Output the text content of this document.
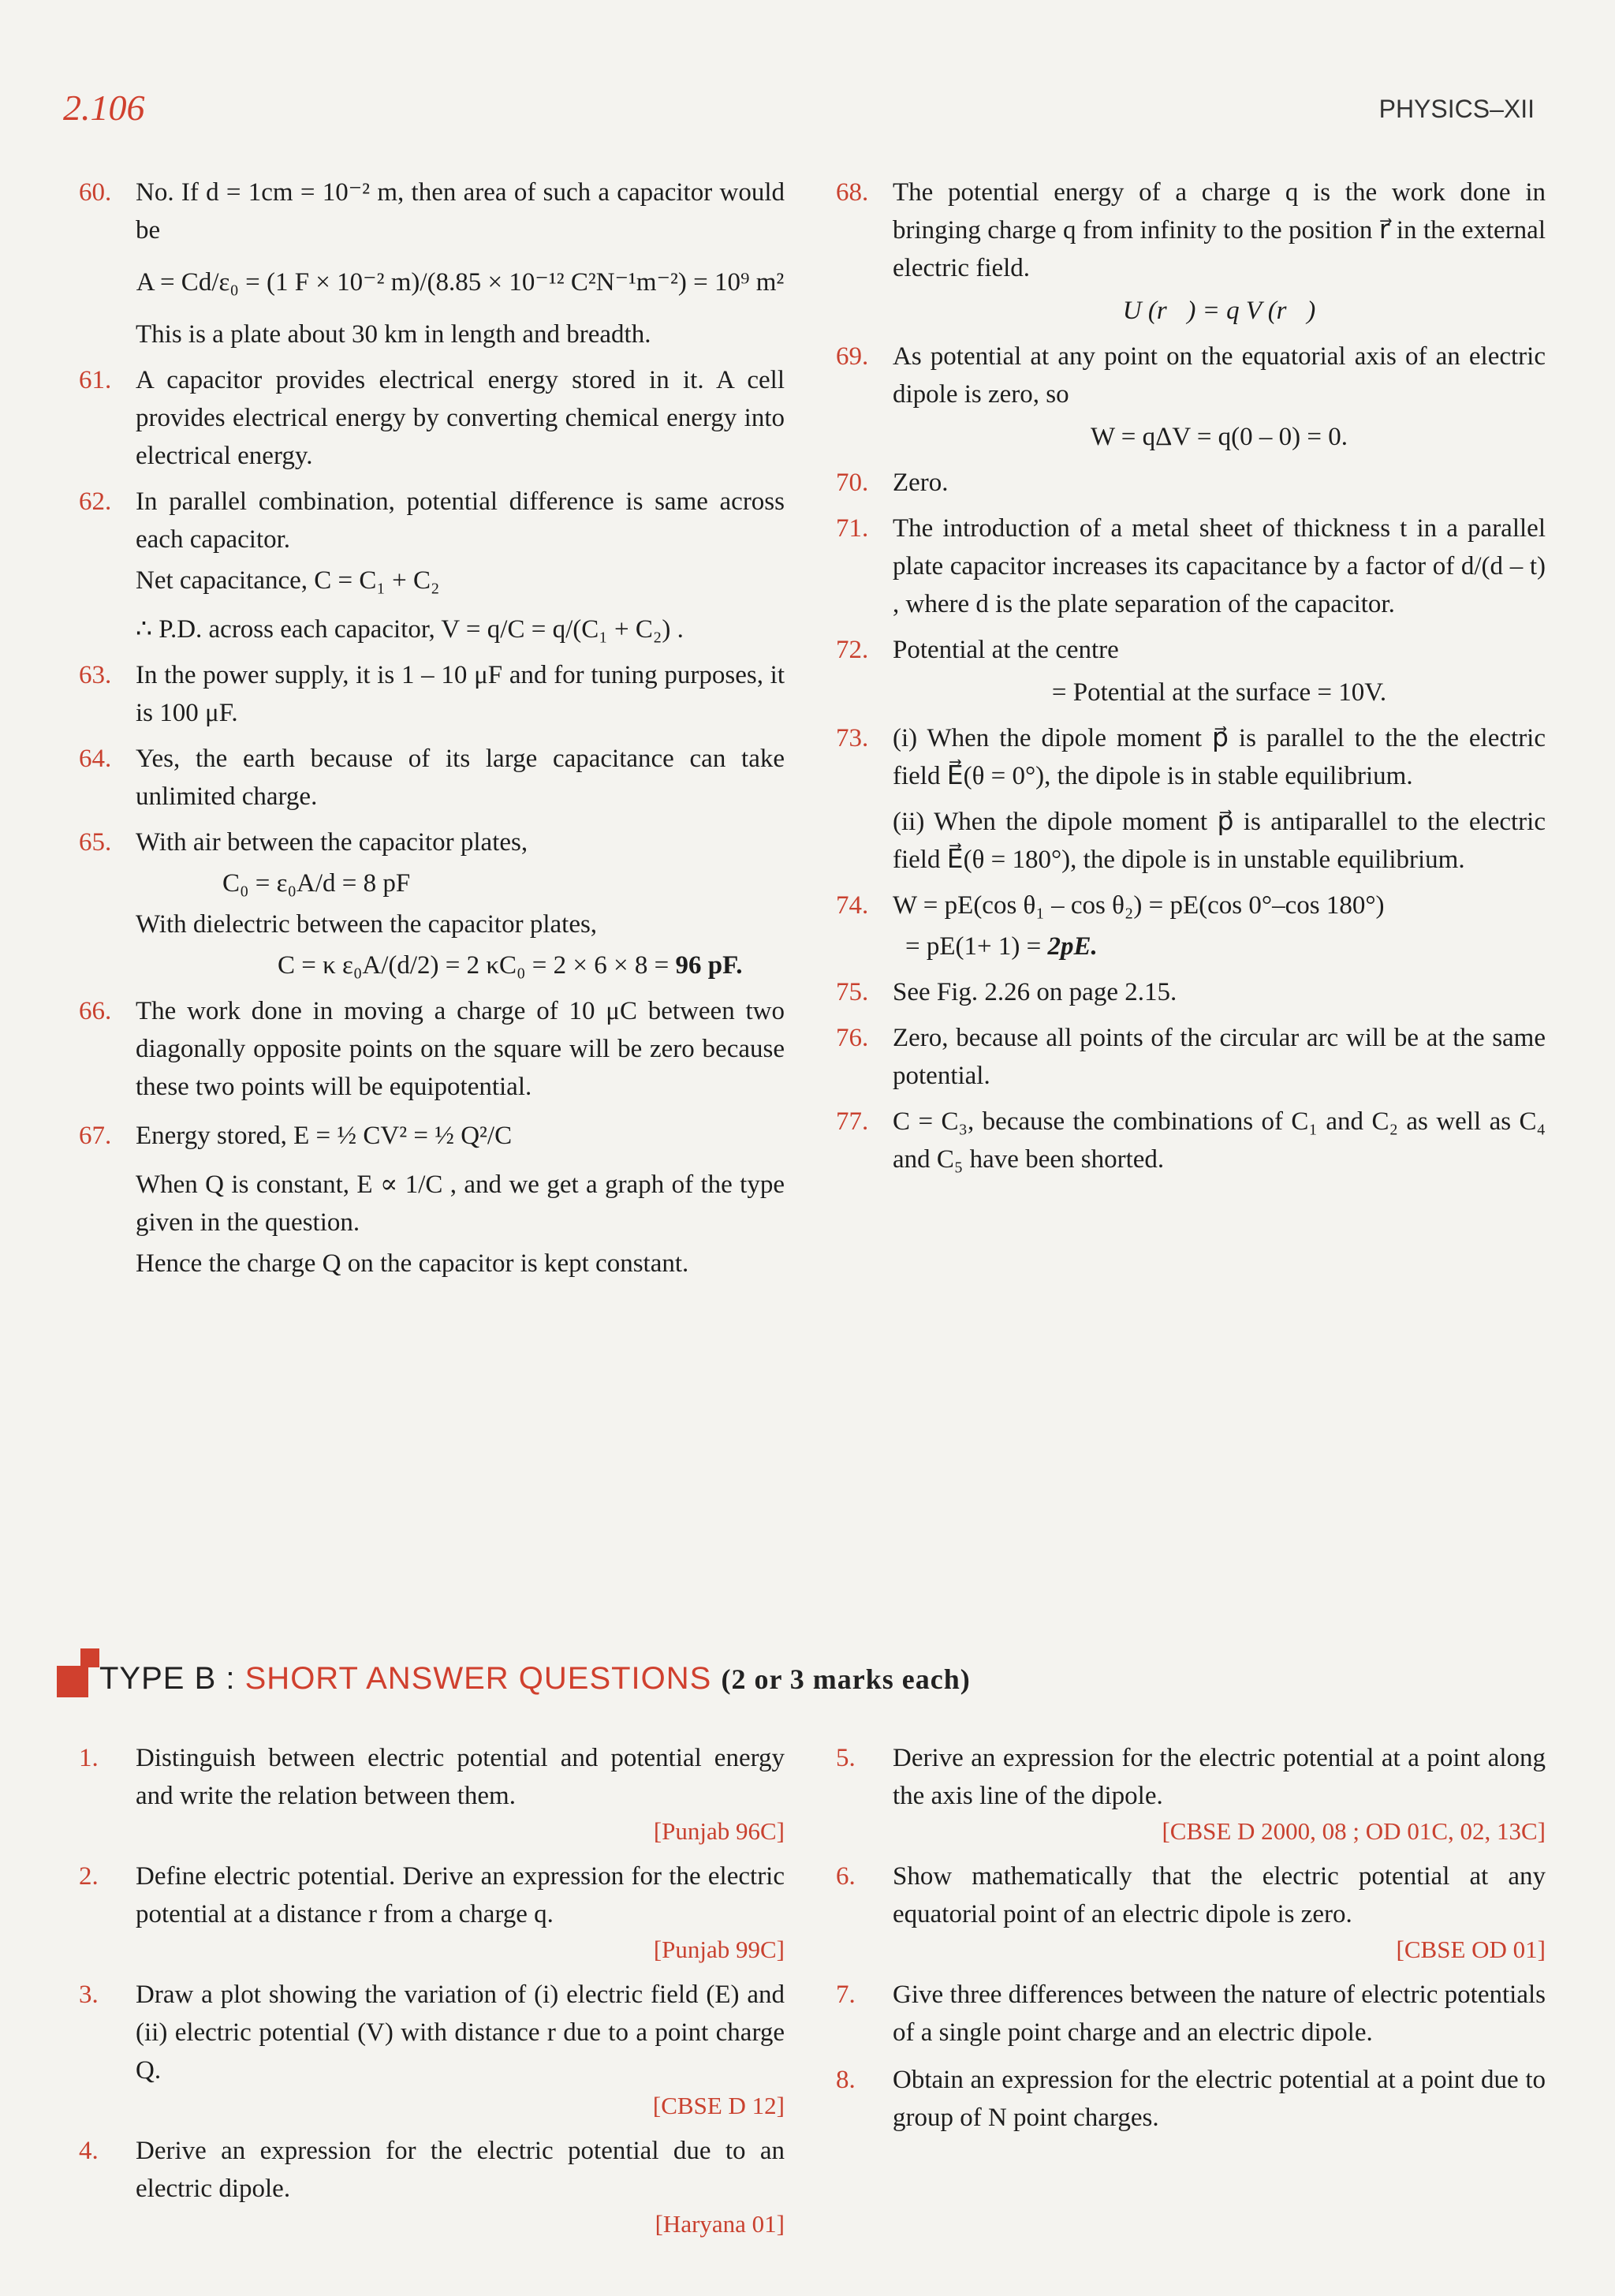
2.106	PHYSICS–XII
60. No. If d = 1cm = 10⁻² m, then area of such a capacitor would be
A = Cd/ε₀ = (1 F × 10⁻² m)/(8.85 × 10⁻¹² C²N⁻¹m⁻²) = 10⁹ m²
This is a plate about 30 km in length and breadth.
61. A capacitor provides electrical energy stored in it. A cell provides electrical energy by converting chemical energy into electrical energy.
62. In parallel combination, potential difference is same across each capacitor.
Net capacitance, C = C₁ + C₂
∴ P.D. across each capacitor, V = q/C = q/(C₁ + C₂) .
63. In the power supply, it is 1 – 10 μF and for tuning purposes, it is 100 μF.
64. Yes, the earth because of its large capacitance can take unlimited charge.
65. With air between the capacitor plates,
C₀ = ε₀A/d = 8 pF
With dielectric between the capacitor plates,
C = κ ε₀A/(d/2) = 2 κC₀ = 2 × 6 × 8 = 96 pF.
66. The work done in moving a charge of 10 μC between two diagonally opposite points on the square will be zero because these two points will be equipotential.
67. Energy stored, E = ½ CV² = ½ Q²/C
When Q is constant, E ∝ 1/C , and we get a graph of the type given in the question.
Hence the charge Q on the capacitor is kept constant.
68. The potential energy of a charge q is the work done in bringing charge q from infinity to the position r⃗ in the external electric field.
U (r⃗) = q V (r⃗)
69. As potential at any point on the equatorial axis of an electric dipole is zero, so
W = qΔV = q(0 – 0) = 0.
70. Zero.
71. The introduction of a metal sheet of thickness t in a parallel plate capacitor increases its capacitance by a factor of d/(d – t) , where d is the plate separation of the capacitor.
72. Potential at the centre
= Potential at the surface = 10V.
73. (i) When the dipole moment p⃗ is parallel to the the electric field E⃗(θ = 0°), the dipole is in stable equilibrium.
(ii) When the dipole moment p⃗ is antiparallel to the electric field E⃗(θ = 180°), the dipole is in unstable equilibrium.
74. W = pE(cos θ₁ – cos θ₂) = pE(cos 0°–cos 180°)
= pE(1+ 1) = 2pE.
75. See Fig. 2.26 on page 2.15.
76. Zero, because all points of the circular arc will be at the same potential.
77. C = C₃, because the combinations of C₁ and C₂ as well as C₄ and C₅ have been shorted.
TYPE B : SHORT ANSWER QUESTIONS (2 or 3 marks each)
1. Distinguish between electric potential and potential energy and write the relation between them.
[Punjab 96C]
2. Define electric potential. Derive an expression for the electric potential at a distance r from a charge q.
[Punjab 99C]
3. Draw a plot showing the variation of (i) electric field (E) and (ii) electric potential (V) with distance r due to a point charge Q.
[CBSE D 12]
4. Derive an expression for the electric potential due to an electric dipole.
[Haryana 01]
5. Derive an expression for the electric potential at a point along the axis line of the dipole.
[CBSE D 2000, 08 ; OD 01C, 02, 13C]
6. Show mathematically that the electric potential at any equatorial point of an electric dipole is zero.
[CBSE OD 01]
7. Give three differences between the nature of electric potentials of a single point charge and an electric dipole.
8. Obtain an expression for the electric potential at a point due to group of N point charges.
